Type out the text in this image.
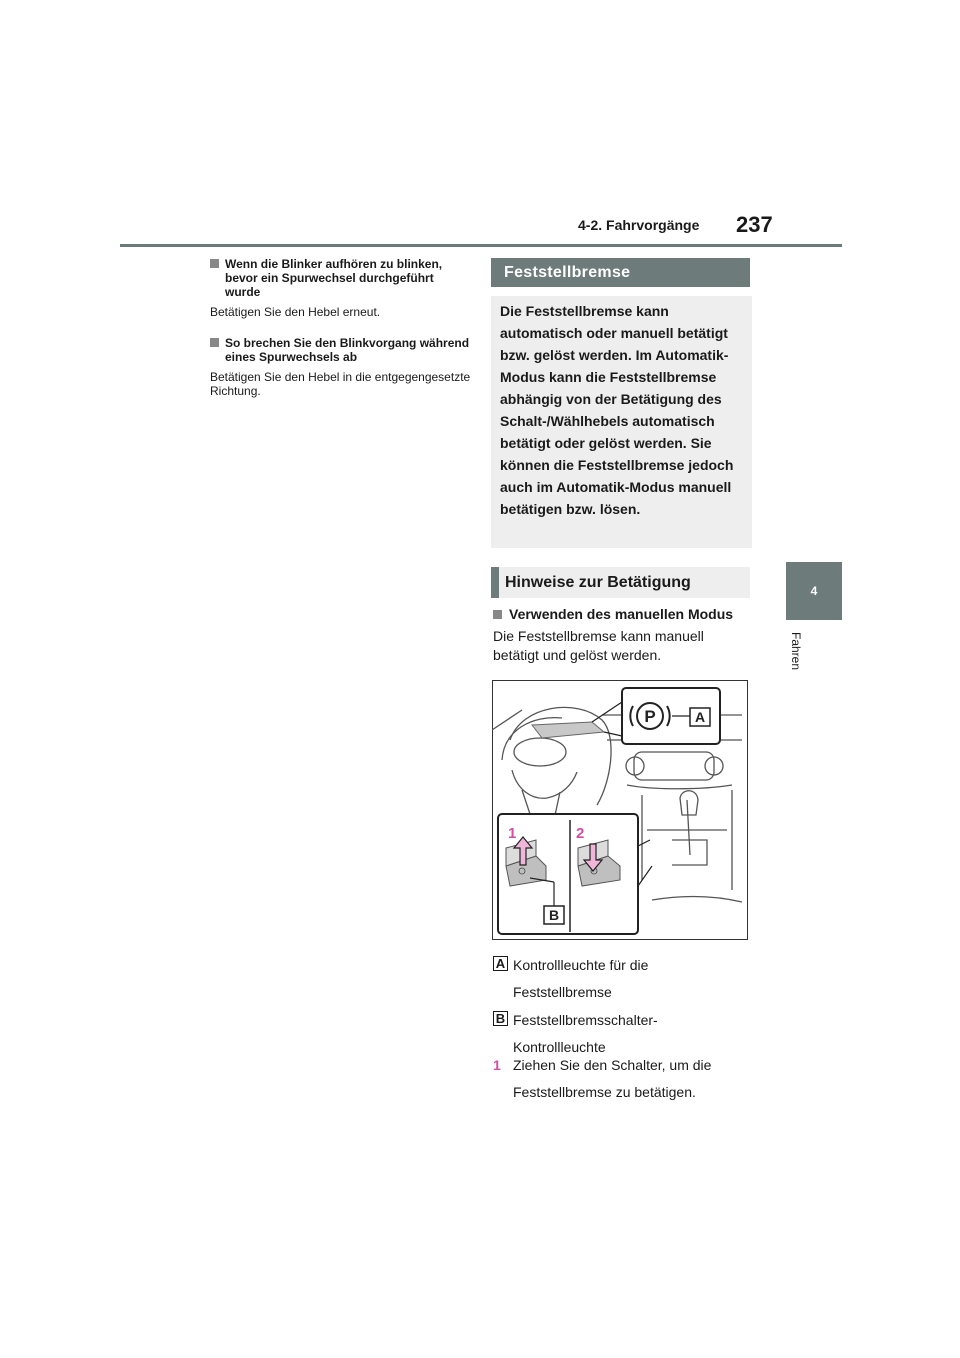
4-2. Fahrvorgänge 237
4
Fahren
Wenn die Blinker aufhören zu blinken, bevor ein Spurwechsel durchgeführt wurde
Betätigen Sie den Hebel erneut.
So brechen Sie den Blinkvorgang während eines Spurwechsels ab
Betätigen Sie den Hebel in die entgegengesetzte Richtung.
Feststellbremse
Die Feststellbremse kann automatisch oder manuell betätigt bzw. gelöst werden. Im Automatik-Modus kann die Feststellbremse abhängig von der Betätigung des Schalt-/Wählhebels automatisch betätigt oder gelöst werden. Sie können die Feststellbremse jedoch auch im Automatik-Modus manuell betätigen bzw. lösen.
Hinweise zur Betätigung
Verwenden des manuellen Modus
Die Feststellbremse kann manuell betätigt und gelöst werden.
P	A
1	2
B
A Kontrollleuchte für die Feststellbremse
B Feststellbremsschalter-Kontrollleuchte
1 Ziehen Sie den Schalter, um die Feststellbremse zu betätigen.
